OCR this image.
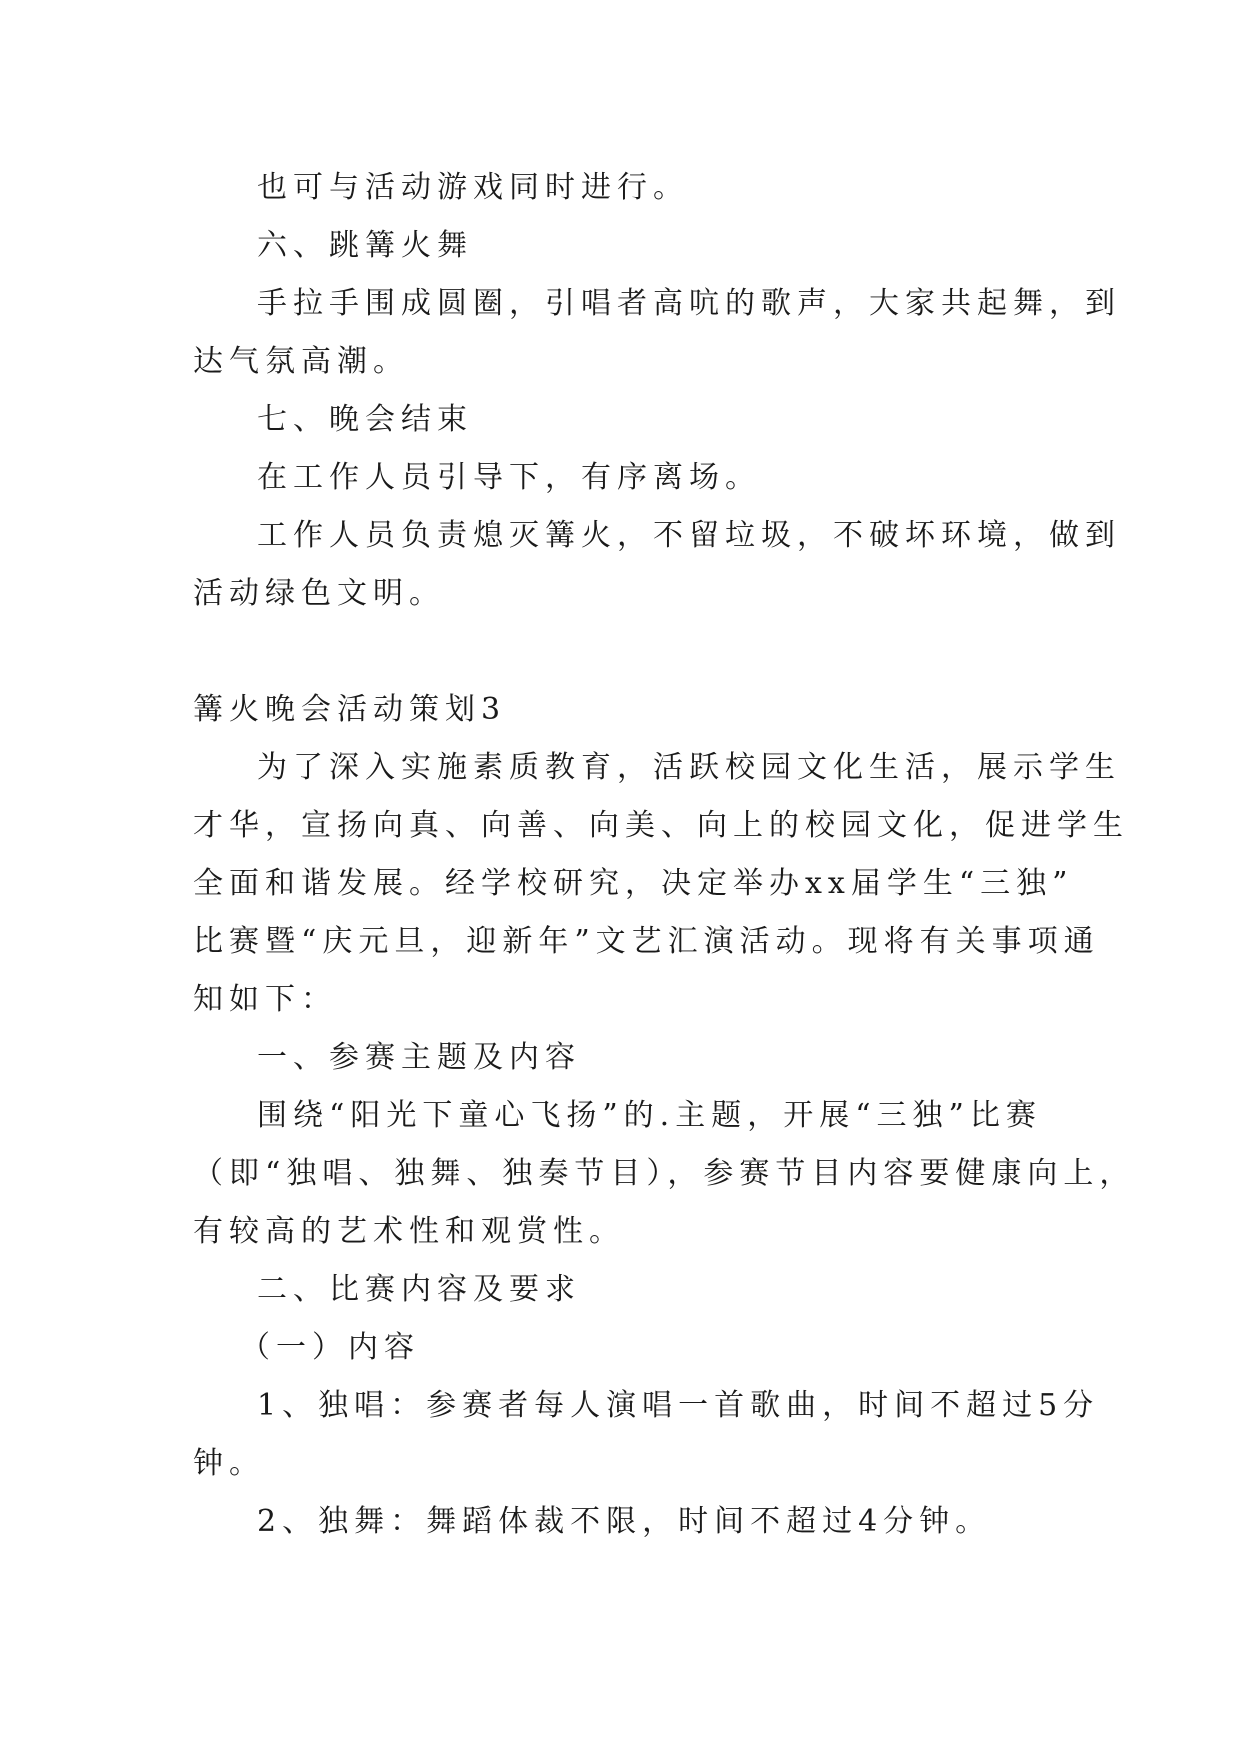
也可与活动游戏同时进行。
六、跳篝火舞
手拉手围成圆圈，引唱者高吭的歌声，大家共起舞，到
达气氛高潮。
七、晚会结束
在工作人员引导下，有序离场。
工作人员负责熄灭篝火，不留垃圾，不破坏环境，做到
活动绿色文明。
篝火晚会活动策划3
为了深入实施素质教育，活跃校园文化生活，展示学生
才华，宣扬向真、向善、向美、向上的校园文化，促进学生
全面和谐发展。经学校研究，决定举办xx届学生“三独”
比赛暨“庆元旦，迎新年”文艺汇演活动。现将有关事项通
知如下：
一、参赛主题及内容
围绕“阳光下童心飞扬”的.主题，开展“三独”比赛
（即“独唱、独舞、独奏节目），参赛节目内容要健康向上，
有较高的艺术性和观赏性。
二、比赛内容及要求
（一）内容
1、独唱：参赛者每人演唱一首歌曲，时间不超过5分
钟。
2、独舞：舞蹈体裁不限，时间不超过4分钟。
